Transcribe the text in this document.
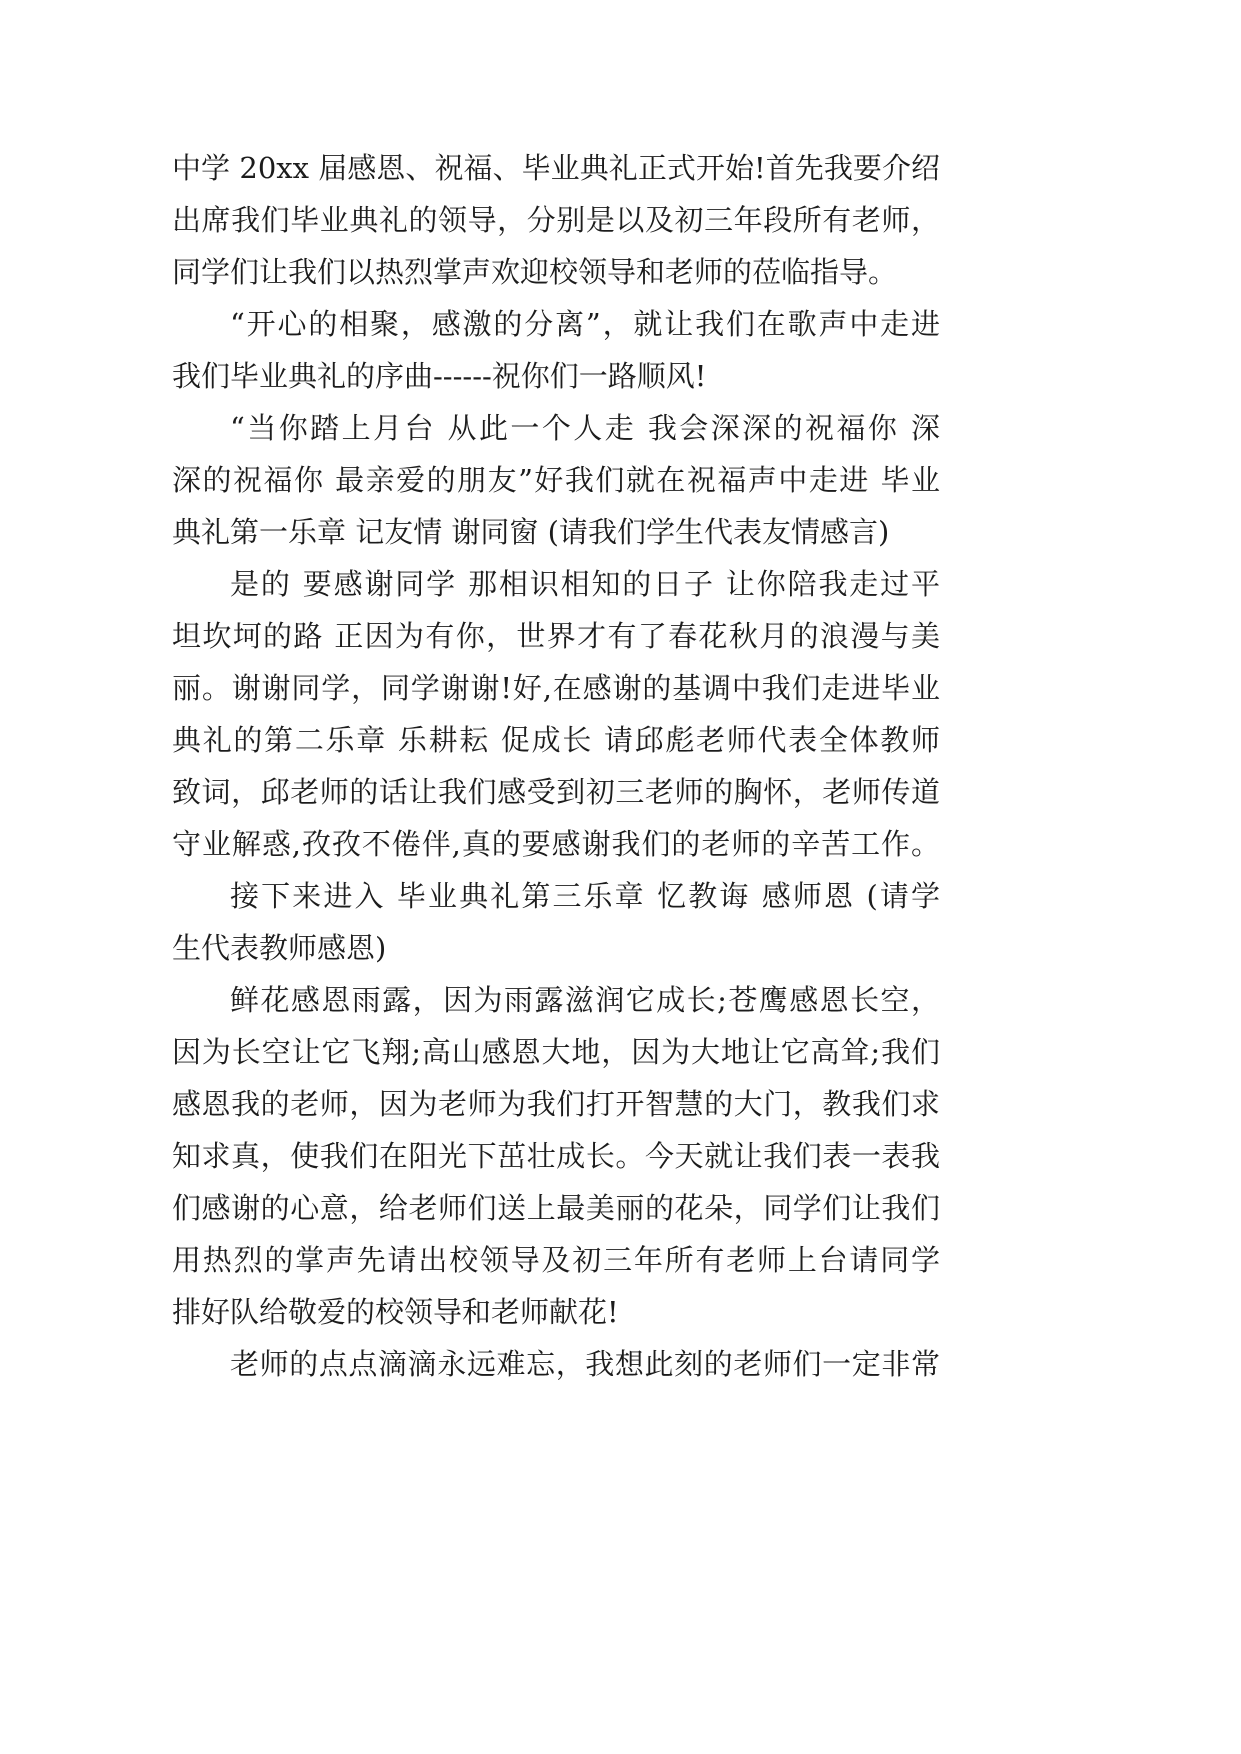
中学 20xx 届感恩、祝福、毕业典礼正式开始!首先我要介绍
出席我们毕业典礼的领导，分别是以及初三年段所有老师，
同学们让我们以热烈掌声欢迎校领导和老师的莅临指导。
“开心的相聚，感激的分离”，就让我们在歌声中走进
我们毕业典礼的序曲------祝你们一路顺风!
“当你踏上月台 从此一个人走 我会深深的祝福你 深
深的祝福你 最亲爱的朋友”好我们就在祝福声中走进 毕业
典礼第一乐章 记友情 谢同窗 (请我们学生代表友情感言)
是的 要感谢同学 那相识相知的日子 让你陪我走过平
坦坎坷的路 正因为有你，世界才有了春花秋月的浪漫与美
丽。谢谢同学，同学谢谢!好,在感谢的基调中我们走进毕业
典礼的第二乐章 乐耕耘 促成长 请邱彪老师代表全体教师
致词，邱老师的话让我们感受到初三老师的胸怀，老师传道
守业解惑,孜孜不倦伴,真的要感谢我们的老师的辛苦工作。
接下来进入 毕业典礼第三乐章 忆教诲 感师恩 (请学
生代表教师感恩)
鲜花感恩雨露，因为雨露滋润它成长;苍鹰感恩长空，
因为长空让它飞翔;高山感恩大地，因为大地让它高耸;我们
感恩我的老师，因为老师为我们打开智慧的大门，教我们求
知求真，使我们在阳光下茁壮成长。今天就让我们表一表我
们感谢的心意，给老师们送上最美丽的花朵，同学们让我们
用热烈的掌声先请出校领导及初三年所有老师上台请同学
排好队给敬爱的校领导和老师献花!
老师的点点滴滴永远难忘，我想此刻的老师们一定非常
